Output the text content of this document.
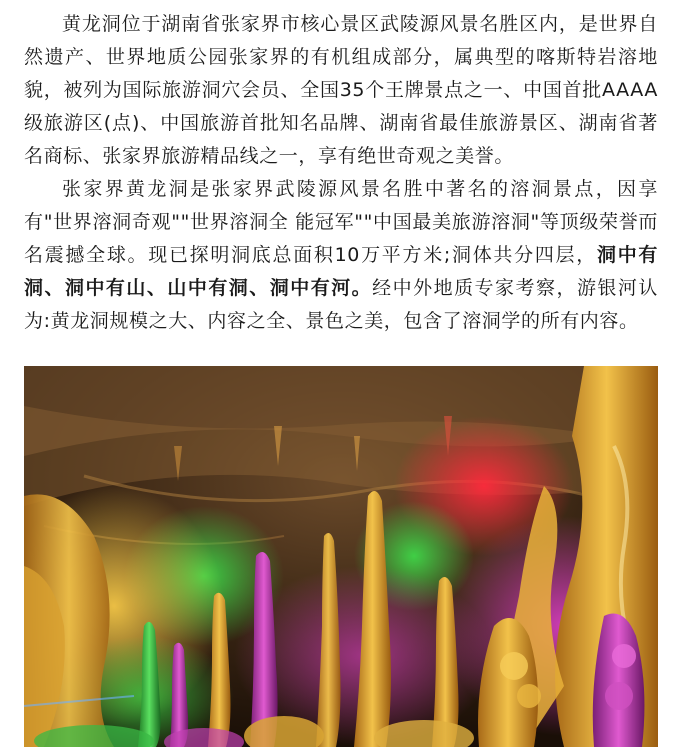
黄龙洞位于湖南省张家界市核心景区武陵源风景名胜区内，是世界自然遗产、世界地质公园张家界的有机组成部分，属典型的喀斯特岩溶地貌，被列为国际旅游洞穴会员、全国35个王牌景点之一、中国首批AAAA级旅游区(点)、中国旅游首批知名品牌、湖南省最佳旅游景区、湖南省著名商标、张家界旅游精品线之一，享有绝世奇观之美誉。

张家界黄龙洞是张家界武陵源风景名胜中著名的溶洞景点，因享有"世界溶洞奇观""世界溶洞全 能冠军""中国最美旅游溶洞"等顶级荣誉而名震撼全球。现已探明洞底总面积10万平方米;洞体共分四层，洞中有洞、洞中有山、山中有洞、洞中有河。经中外地质专家考察，游银河认为:黄龙洞规模之大、内容之全、景色之美，包含了溶洞学的所有内容。
